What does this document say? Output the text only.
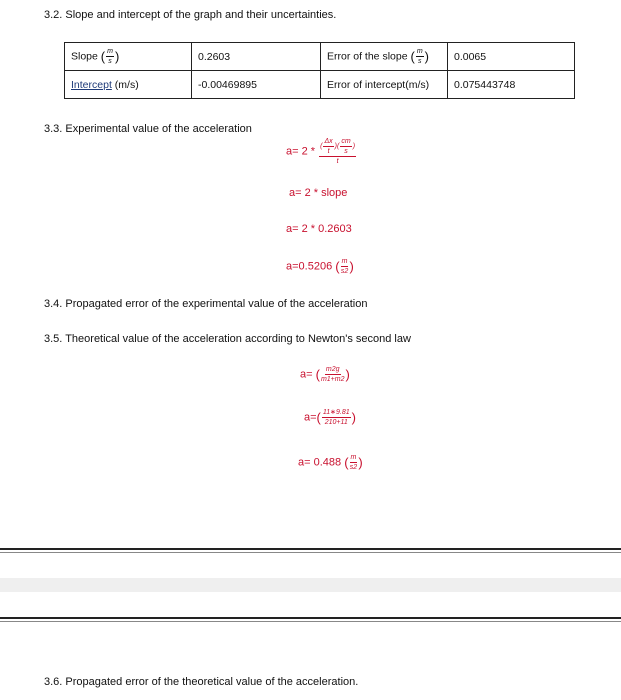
3.2. Slope and intercept of the graph and their uncertainties.
Slope ( $\frac{m}{s}$ )	0.2603	Error of the slope ( $\frac{m}{s}$ )	0.0065
Intercept (m/s)	-0.00469895	Error of intercept(m/s)	0.075443748
3.3. Experimental value of the acceleration
$a= 2 * \frac{( \frac{\Delta x}{t} )( \frac{cm}{s} )}{t}$
a= 2 * slope
a= 2 * 0.2603
a=0.5206 ( $\frac{m}{s2}$ )
3.4. Propagated error of the experimental value of the acceleration
3.5. Theoretical value of the acceleration according to Newton's second law
a= ( $\frac{m2g}{m1+m2}$ )
$a=( \frac{11∗9.81}{210+11}$ )
a= 0.488 ( $\frac{m}{s2}$ )
3.6. Propagated error of the theoretical value of the acceleration.
